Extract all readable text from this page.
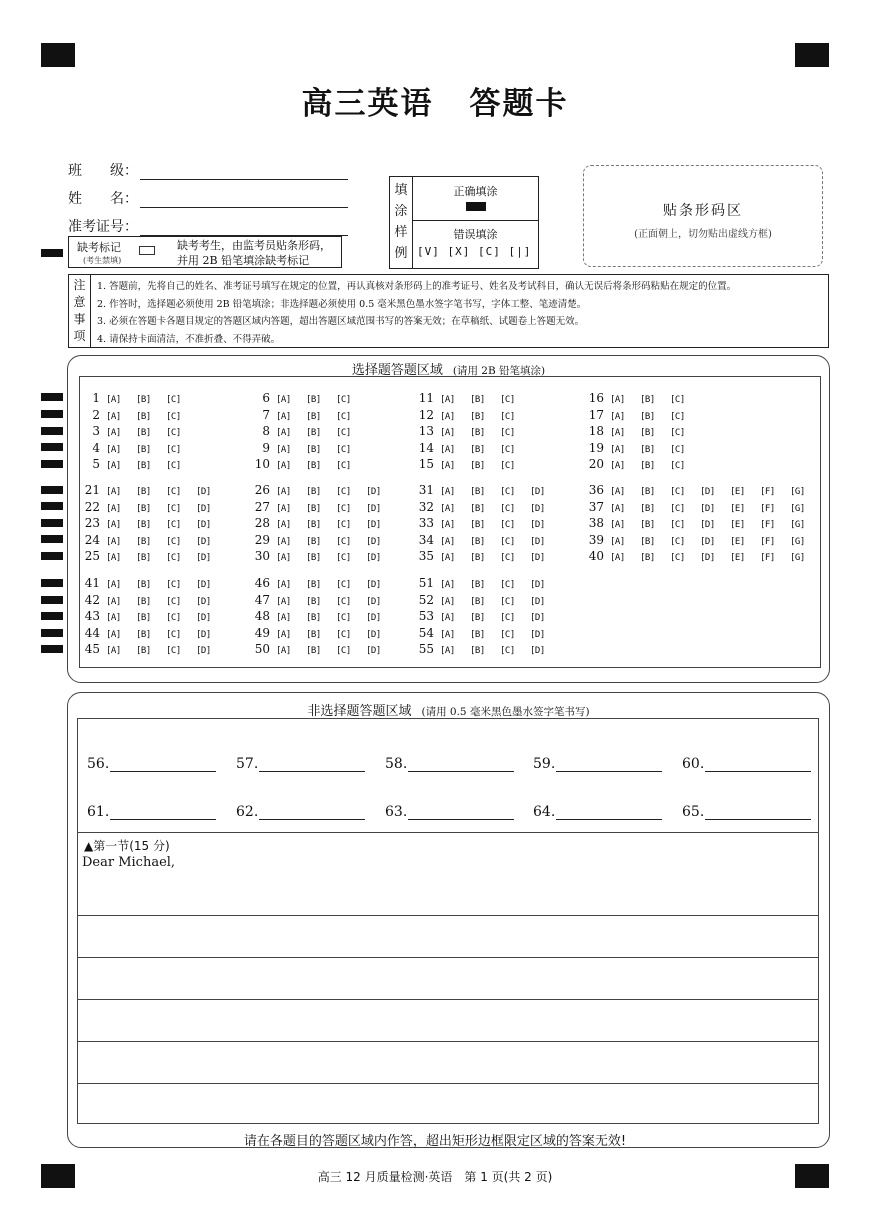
高三英语 答题卡
班　　级：
姓　　名：
准考证号：
缺考标记
(考生禁填)
缺考考生，由监考员贴条形码，
并用 2B 铅笔填涂缺考标记
填
涂
样
例
正确填涂
错误填涂
[V] [X] [C] [|]
贴条形码区
(正面朝上，切勿贴出虚线方框)
注
意
事
项
1. 答题前，先将自己的姓名、准考证号填写在规定的位置，再认真核对条形码上的准考证号、姓名及考试科目，确认无误后将条形码粘贴在规定的位置。
2. 作答时，选择题必须使用 2B 铅笔填涂；非选择题必须使用 0.5 毫米黑色墨水签字笔书写，字体工整、笔迹清楚。
3. 必须在答题卡各题目规定的答题区域内答题，超出答题区域范围书写的答案无效；在草稿纸、试题卷上答题无效。
4. 请保持卡面清洁，不准折叠、不得弄破。
选择题答题区域 (请用 2B 铅笔填涂)
非选择题答题区域 (请用 0.5 毫米黑色墨水签字笔书写)
▲第一节(15 分)
Dear Michael,
请在各题目的答题区域内作答，超出矩形边框限定区域的答案无效!
高三 12 月质量检测·英语　第 1 页(共 2 页)
1 [A] [B] [C]
2 [A] [B] [C]
3 [A] [B] [C]
4 [A] [B] [C]
5 [A] [B] [C]
6 [A] [B] [C]
7 [A] [B] [C]
8 [A] [B] [C]
9 [A] [B] [C]
10 [A] [B] [C]
11 [A] [B] [C]
12 [A] [B] [C]
13 [A] [B] [C]
14 [A] [B] [C]
15 [A] [B] [C]
16 [A] [B] [C]
17 [A] [B] [C]
18 [A] [B] [C]
19 [A] [B] [C]
20 [A] [B] [C]
21 [A] [B] [C] [D]
22 [A] [B] [C] [D]
23 [A] [B] [C] [D]
24 [A] [B] [C] [D]
25 [A] [B] [C] [D]
26 [A] [B] [C] [D]
27 [A] [B] [C] [D]
28 [A] [B] [C] [D]
29 [A] [B] [C] [D]
30 [A] [B] [C] [D]
31 [A] [B] [C] [D]
32 [A] [B] [C] [D]
33 [A] [B] [C] [D]
34 [A] [B] [C] [D]
35 [A] [B] [C] [D]
36 [A] [B] [C] [D] [E] [F] [G]
37 [A] [B] [C] [D] [E] [F] [G]
38 [A] [B] [C] [D] [E] [F] [G]
39 [A] [B] [C] [D] [E] [F] [G]
40 [A] [B] [C] [D] [E] [F] [G]
41 [A] [B] [C] [D]
42 [A] [B] [C] [D]
43 [A] [B] [C] [D]
44 [A] [B] [C] [D]
45 [A] [B] [C] [D]
46 [A] [B] [C] [D]
47 [A] [B] [C] [D]
48 [A] [B] [C] [D]
49 [A] [B] [C] [D]
50 [A] [B] [C] [D]
51 [A] [B] [C] [D]
52 [A] [B] [C] [D]
53 [A] [B] [C] [D]
54 [A] [B] [C] [D]
55 [A] [B] [C] [D]
56.	57.	58.	59.	60.
61.	62.	63.	64.	65.
